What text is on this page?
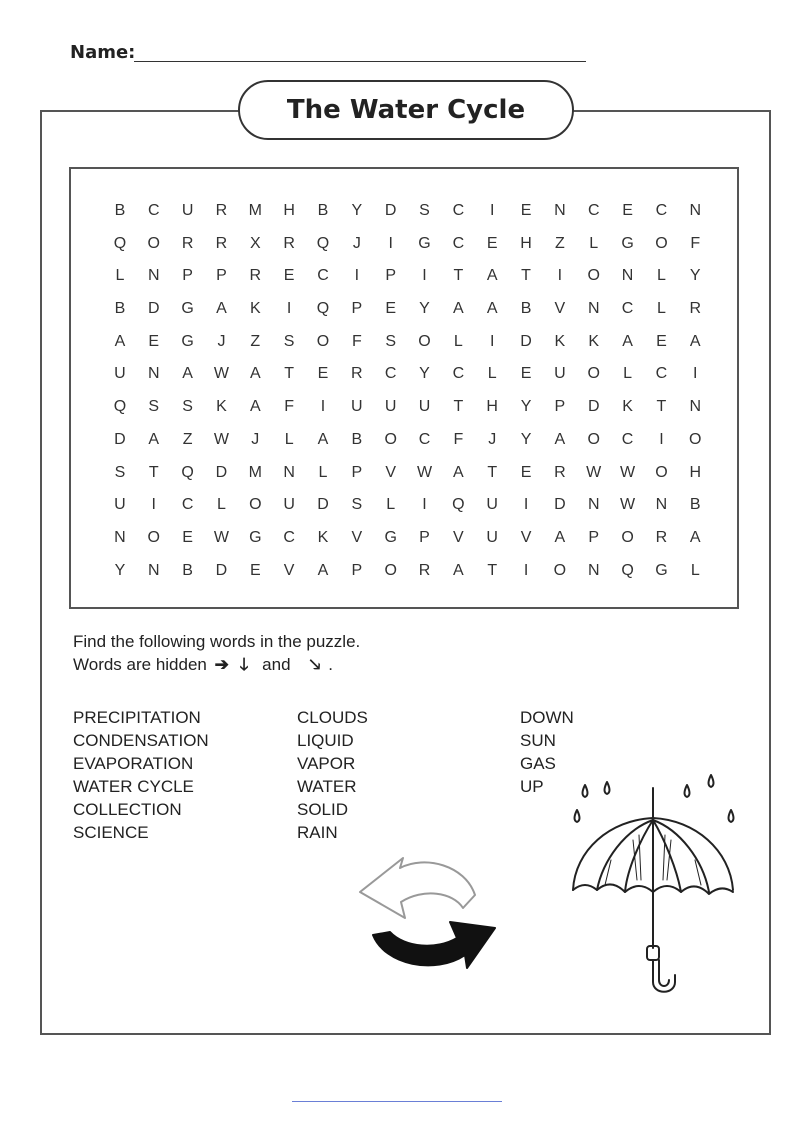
Name:
The Water Cycle
B	C	U	R	M	H	B	Y	D	S	C	I	E	N	C	E	C	N
Q	O	R	R	X	R	Q	J	I	G	C	E	H	Z	L	G	O	F
L	N	P	P	R	E	C	I	P	I	T	A	T	I	O	N	L	Y
B	D	G	A	K	I	Q	P	E	Y	A	A	B	V	N	C	L	R
A	E	G	J	Z	S	O	F	S	O	L	I	D	K	K	A	E	A
U	N	A	W	A	T	E	R	C	Y	C	L	E	U	O	L	C	I
Q	S	S	K	A	F	I	U	U	U	T	H	Y	P	D	K	T	N
D	A	Z	W	J	L	A	B	O	C	F	J	Y	A	O	C	I	O
S	T	Q	D	M	N	L	P	V	W	A	T	E	R	W	W	O	H
U	I	C	L	O	U	D	S	L	I	Q	U	I	D	N	W	N	B
N	O	E	W	G	C	K	V	G	P	V	U	V	A	P	O	R	A
Y	N	B	D	E	V	A	P	O	R	A	T	I	O	N	Q	G	L
Find the following words in the puzzle.
Words are hidden ➔ 🡓 and 🡖 .
PRECIPITATION
CONDENSATION
EVAPORATION
WATER CYCLE
COLLECTION
SCIENCE
CLOUDS
LIQUID
VAPOR
WATER
SOLID
RAIN
DOWN
SUN
GAS
UP
